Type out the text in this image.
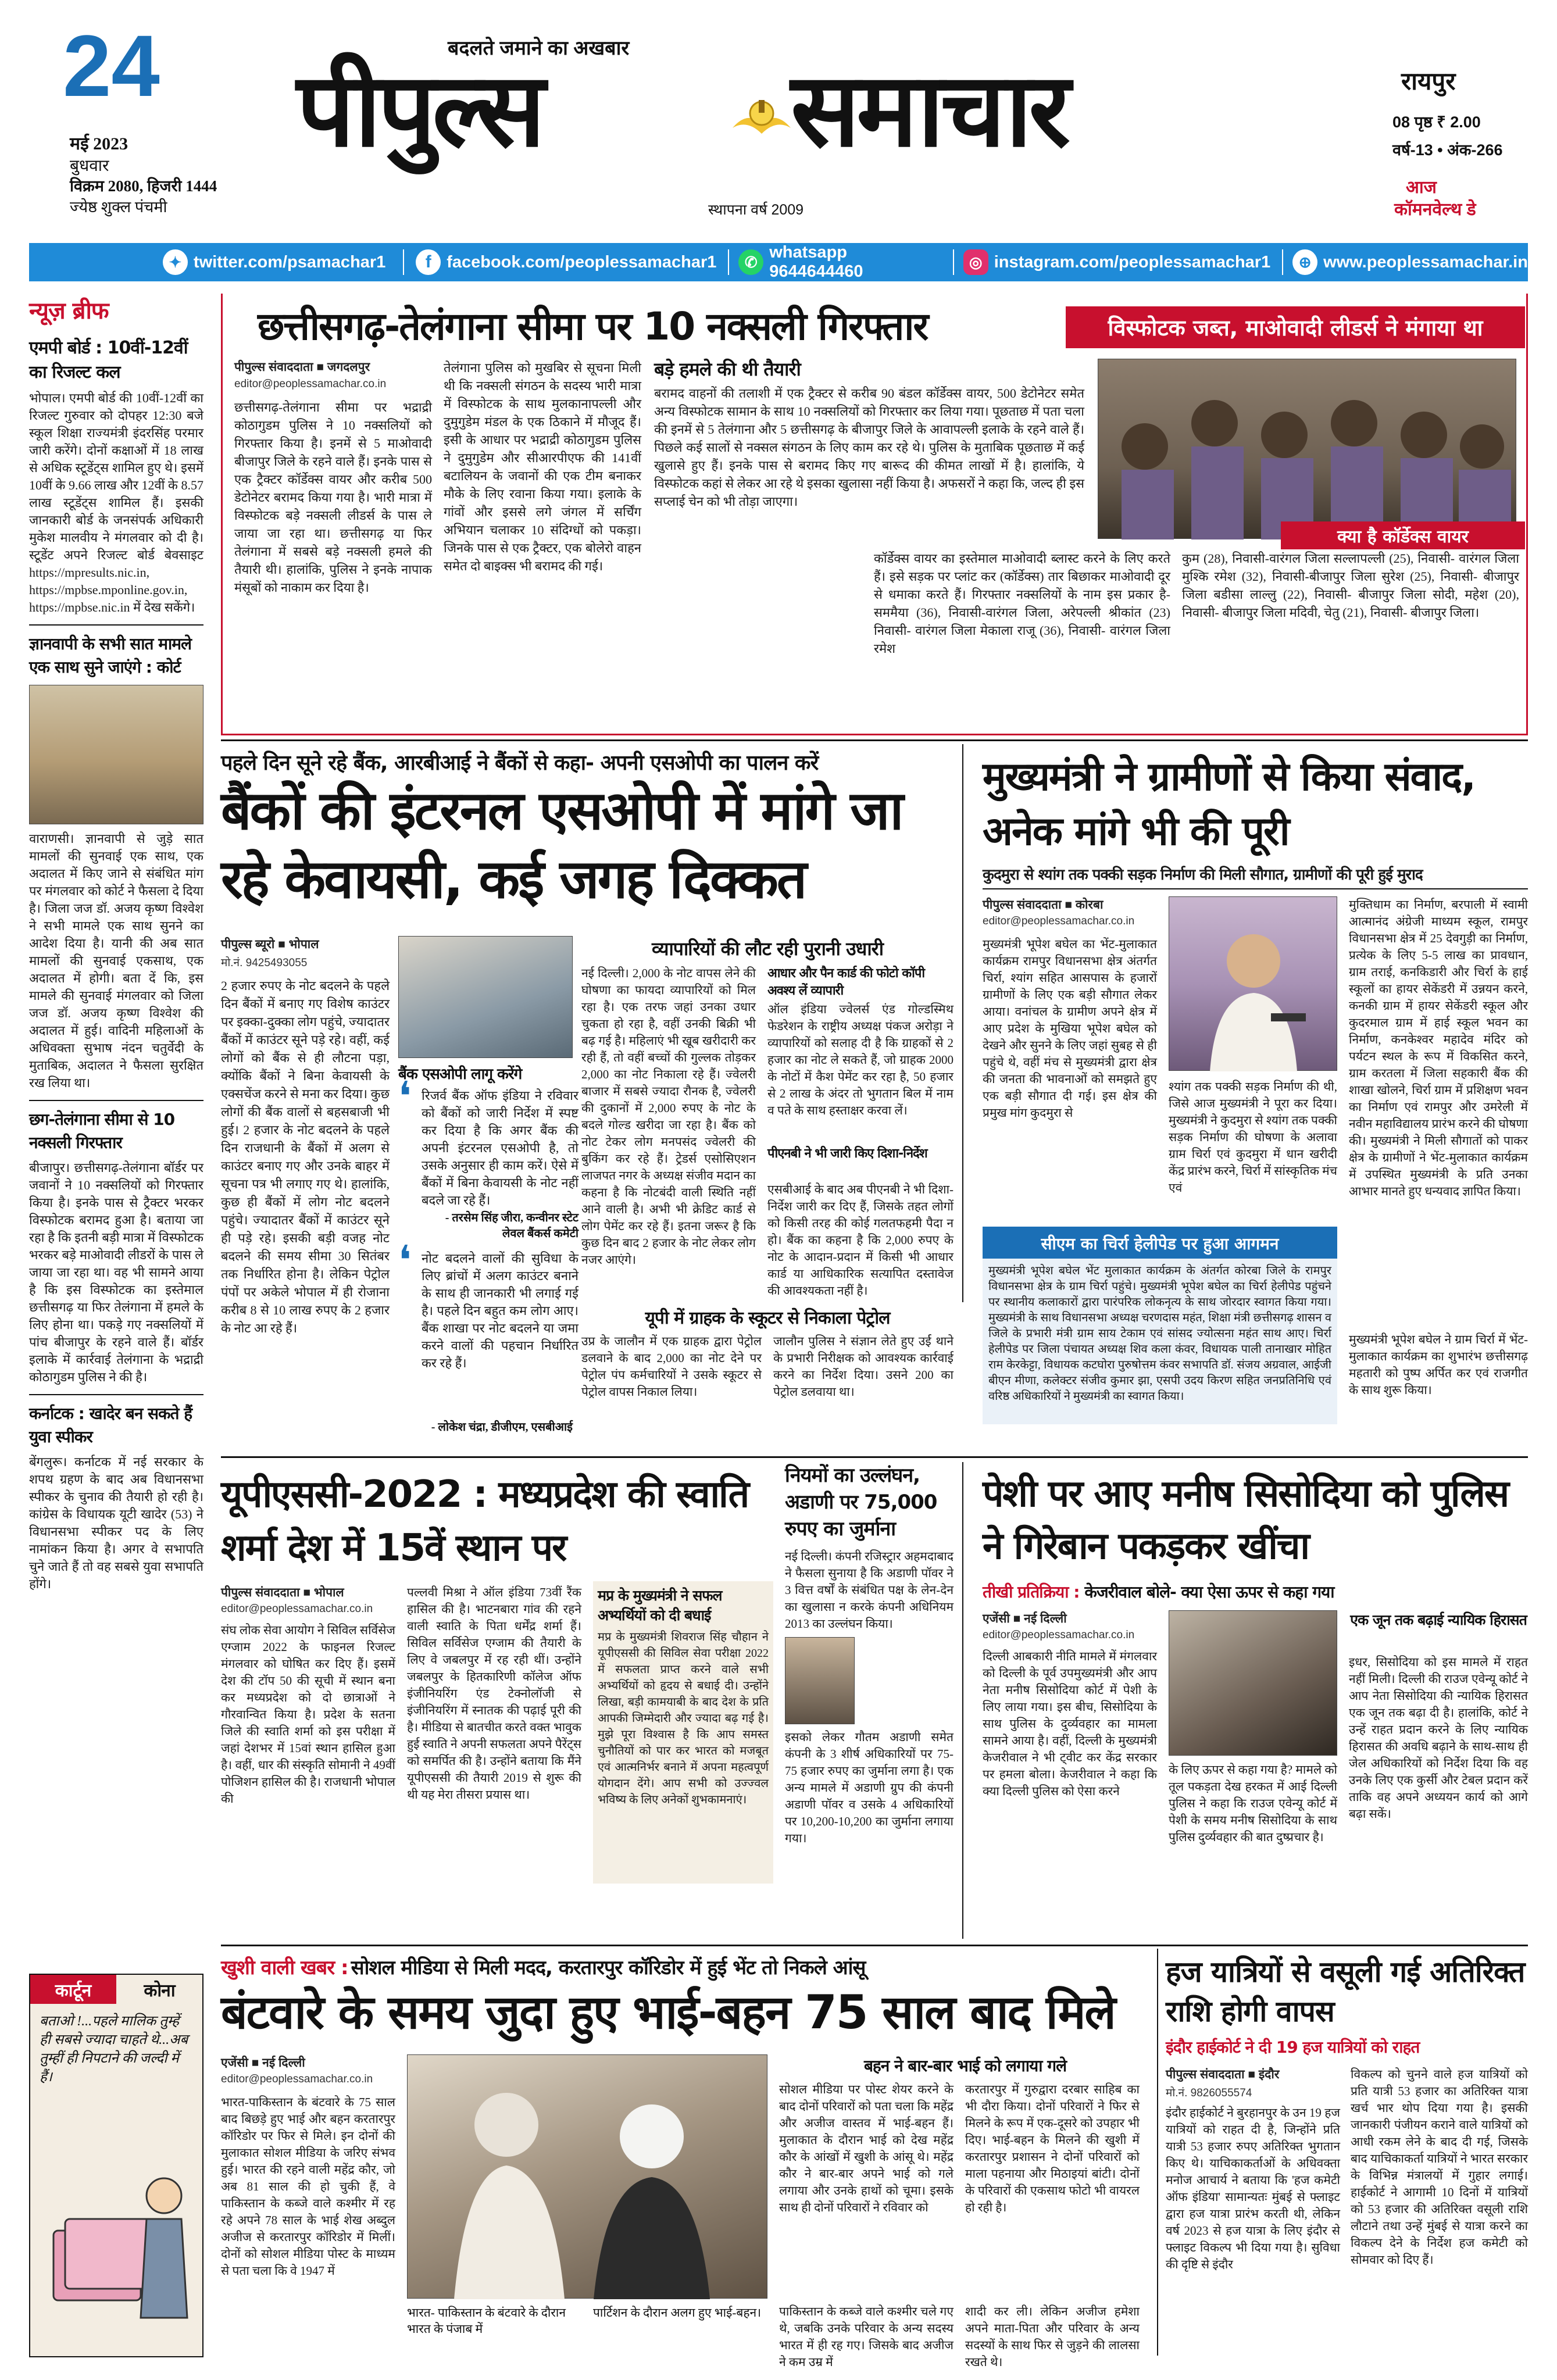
24
मई 2023
बुधवार
विक्रम 2080, हिजरी 1444
ज्येष्ठ शुक्ल पंचमी
बदलते जमाने का अखबार
पीपुल्स समाचार
स्थापना वर्ष 2009
रायपुर
08 पृष्ठ ₹ 2.00
वर्ष-13 • अंक-266
आज
कॉमनवेल्थ डे
✦ twitter.com/psamachar1	f facebook.com/peoplessamachar1	✆
whatsapp 9644644460
◎ instagram.com/peoplessamachar1	⊕ www.peoplessamachar.in
न्यूज़ ब्रीफ
एमपी बोर्ड : 10वीं-12वीं का रिजल्ट कल
भोपाल। एमपी बोर्ड की 10वीं-12वीं का रिजल्ट गुरुवार को दोपहर 12:30 बजे स्कूल शिक्षा राज्यमंत्री इंदरसिंह परमार जारी करेंगे। दोनों कक्षाओं में 18 लाख से अधिक स्टूडेंट्स शामिल हुए थे। इसमें 10वीं के 9.66 लाख और 12वीं के 8.57 लाख स्टूडेंट्स शामिल हैं। इसकी जानकारी बोर्ड के जनसंपर्क अधिकारी मुकेश मालवीय ने मंगलवार को दी है। स्टूडेंट अपने रिजल्ट बोर्ड बेवसाइट https://mpresults.nic.in, https://mpbse.mponline.gov.in, https://mpbse.nic.in में देख सकेंगे।
ज्ञानवापी के सभी सात मामले एक साथ सुने जाएंगे : कोर्ट
वाराणसी। ज्ञानवापी से जुड़े सात मामलों की सुनवाई एक साथ, एक अदालत में किए जाने से संबंधित मांग पर मंगलवार को कोर्ट ने फैसला दे दिया है। जिला जज डॉ. अजय कृष्ण विश्वेश ने सभी मामले एक साथ सुनने का आदेश दिया है। यानी की अब सात मामलों की सुनवाई एकसाथ, एक अदालत में होगी। बता दें कि, इस मामले की सुनवाई मंगलवार को जिला जज डॉ. अजय कृष्ण विश्वेश की अदालत में हुई। वादिनी महिलाओं के अधिवक्ता सुभाष नंदन चतुर्वेदी के मुताबिक, अदालत ने फैसला सुरक्षित रख लिया था।
छग-तेलंगाना सीमा से 10 नक्सली गिरफ्तार
बीजापुर। छत्तीसगढ़-तेलंगाना बॉर्डर पर जवानों ने 10 नक्सलियों को गिरफ्तार किया है। इनके पास से ट्रैक्टर भरकर विस्फोटक बरामद हुआ है। बताया जा रहा है कि इतनी बड़ी मात्रा में विस्फोटक भरकर बड़े माओवादी लीडरों के पास ले जाया जा रहा था। वह भी सामने आया है कि इस विस्फोटक का इस्तेमाल छत्तीसगढ़ या फिर तेलंगाना में हमले के लिए होना था। पकड़े गए नक्सलियों में पांच बीजापुर के रहने वाले हैं। बॉर्डर इलाके में कार्रवाई तेलंगाना के भद्राद्री कोठागुडम पुलिस ने की है।
कर्नाटक : खादेर बन सकते हैं युवा स्पीकर
बेंगलुरू। कर्नाटक में नई सरकार के शपथ ग्रहण के बाद अब विधानसभा स्पीकर के चुनाव की तैयारी हो रही है। कांग्रेस के विधायक यूटी खादेर (53) ने विधानसभा स्पीकर पद के लिए नामांकन किया है। अगर वे सभापति चुने जाते हैं तो वह सबसे युवा सभापति होंगे।
कार्टून	कोना
बताओ !...पहले मालिक तुम्हें ही सबसे ज्यादा चाहते थे...अब तुम्हीं ही निपटाने की जल्दी में हैं।
छत्तीसगढ़-तेलंगाना सीमा पर 10 नक्सली गिरफ्तार	विस्फोटक जब्त, माओवादी लीडर्स ने मंगाया था
पीपुल्स संवाददाता ■ जगदलपुर
editor@peoplessamachar.co.in
छत्तीसगढ़-तेलंगाना सीमा पर भद्राद्री कोठागुडम पुलिस ने 10 नक्सलियों को गिरफ्तार किया है। इनमें से 5 माओवादी बीजापुर जिले के रहने वाले हैं। इनके पास से एक ट्रैक्टर कॉर्डेक्स वायर और करीब 500 डेटोनेटर बरामद किया गया है। भारी मात्रा में विस्फोटक बड़े नक्सली लीडर्स के पास ले जाया जा रहा था। छत्तीसगढ़ या फिर तेलंगाना में सबसे बड़े नक्सली हमले की तैयारी थी। हालांकि, पुलिस ने इनके नापाक मंसूबों को नाकाम कर दिया है।
तेलंगाना पुलिस को मुखबिर से सूचना मिली थी कि नक्सली संगठन के सदस्य भारी मात्रा में विस्फोटक के साथ मुलकानापल्ली और दुमुगुडेम मंडल के एक ठिकाने में मौजूद हैं। इसी के आधार पर भद्राद्री कोठागुडम पुलिस ने दुमुगुडेम और सीआरपीएफ की 141वीं बटालियन के जवानों की एक टीम बनाकर मौके के लिए रवाना किया गया। इलाके के गांवों और इससे लगे जंगल में सर्चिंग अभियान चलाकर 10 संदिग्धों को पकड़ा। जिनके पास से एक ट्रैक्टर, एक बोलेरो वाहन समेत दो बाइक्स भी बरामद की गई।
बड़े हमले की थी तैयारी
बरामद वाहनों की तलाशी में एक ट्रैक्टर से करीब 90 बंडल कॉर्डेक्स वायर, 500 डेटोनेटर समेत अन्य विस्फोटक सामान के साथ 10 नक्सलियों को गिरफ्तार कर लिया गया। पूछताछ में पता चला की इनमें से 5 तेलंगाना और 5 छत्तीसगढ़ के बीजापुर जिले के आवापल्ली इलाके के रहने वाले हैं। पिछले कई सालों से नक्सल संगठन के लिए काम कर रहे थे। पुलिस के मुताबिक पूछताछ में कई खुलासे हुए हैं। इनके पास से बरामद किए गए बारूद की कीमत लाखों में है। हालांकि, ये विस्फोटक कहां से लेकर आ रहे थे इसका खुलासा नहीं किया है। अफसरों ने कहा कि, जल्द ही इस सप्लाई चेन को भी तोड़ा जाएगा।
क्या है कॉर्डेक्स वायर
कॉर्डेक्स वायर का इस्तेमाल माओवादी ब्लास्ट करने के लिए करते हैं। इसे सड़क पर प्लांट कर (कॉर्डेक्स) तार बिछाकर माओवादी दूर से धमाका करते हैं। गिरफ्तार नक्सलियों के नाम इस प्रकार है- सममैया (36), निवासी-वारंगल जिला, अरेपल्ली श्रीकांत (23) निवासी- वारंगल जिला मेकाला राजू (36), निवासी- वारंगल जिला रमेश
कुम (28), निवासी-वारंगल जिला सल्लापल्ली (25), निवासी- वारंगल जिला मुश्कि रमेश (32), निवासी-बीजापुर जिला सुरेश (25), निवासी- बीजापुर जिला बडीसा लाल्लु (22), निवासी- बीजापुर जिला सोदी, महेश (20), निवासी- बीजापुर जिला मदिवी, चेतु (21), निवासी- बीजापुर जिला।
पहले दिन सूने रहे बैंक, आरबीआई ने बैंकों से कहा- अपनी एसओपी का पालन करें
बैंकों की इंटरनल एसओपी में मांगे जा रहे केवायसी, कई जगह दिक्कत
पीपुल्स ब्यूरो ■ भोपाल
मो.नं. 9425493055
2 हजार रुपए के नोट बदलने के पहले दिन बैंकों में बनाए गए विशेष काउंटर पर इक्का-दुक्का लोग पहुंचे, ज्यादातर बैंकों में काउंटर सूने पड़े रहे। वहीं, कई लोगों को बैंक से ही लौटना पड़ा, क्योंकि बैंकों ने बिना केवायसी के एक्सचेंज करने से मना कर दिया। कुछ लोगों की बैंक वालों से बहसबाजी भी हुई। 2 हजार के नोट बदलने के पहले दिन राजधानी के बैंकों में अलग से काउंटर बनाए गए और उनके बाहर में सूचना पत्र भी लगाए गए थे। हालांकि, कुछ ही बैंकों में लोग नोट बदलने पहुंचे। ज्यादातर बैंकों में काउंटर सूने ही पड़े रहे। इसकी बड़ी वजह नोट बदलने की समय सीमा 30 सितंबर तक निर्धारित होना है। लेकिन पेट्रोल पंपों पर अकेले भोपाल में ही रोजाना करीब 8 से 10 लाख रुपए के 2 हजार के नोट आ रहे हैं।
बैंक एसओपी लागू करेंगे
❛ रिजर्व बैंक ऑफ इंडिया ने रविवार को बैंकों को जारी निर्देश में स्पष्ट कर दिया है कि अगर बैंक की अपनी इंटरनल एसओपी है, तो उसके अनुसार ही काम करें। ऐसे में बैंकों में बिना केवायसी के नोट नहीं बदले जा रहे हैं।
- तरसेम सिंह जीरा, कन्वीनर स्टेट लेवल बैंकर्स कमेटी
❛ नोट बदलने वालों की सुविधा के लिए ब्रांचों में अलग काउंटर बनाने के साथ ही जानकारी भी लगाई गई है। पहले दिन बहुत कम लोग आए। बैंक शाखा पर नोट बदलने या जमा करने वालों की पहचान निर्धारित कर रहे हैं।
व्यापारियों की लौट रही पुरानी उधारी
नई दिल्ली। 2,000 के नोट वापस लेने की घोषणा का फायदा व्यापारियों को मिल रहा है। एक तरफ जहां उनका उधार चुकता हो रहा है, वहीं उनकी बिक्री भी बढ़ गई है। महिलाएं भी खूब खरीदारी कर रही हैं, तो वहीं बच्चों की गुल्लक तोड़कर 2,000 का नोट निकाला रहे हैं। ज्वेलरी बाजार में सबसे ज्यादा रौनक है, ज्वेलरी की दुकानों में 2,000 रुपए के नोट के बदले गोल्ड खरीदा जा रहा है। बैंक को नोट टेकर लोग मनपसंद ज्वेलरी की बुकिंग कर रहे हैं। ट्रेडर्स एसोसिएशन लाजपत नगर के अध्यक्ष संजीव मदान का कहना है कि नोटबंदी वाली स्थिति नहीं आने वाली है। अभी भी क्रेडिट कार्ड से लोग पेमेंट कर रहे हैं। इतना जरूर है कि कुछ दिन बाद 2 हजार के नोट लेकर लोग नजर आएंगे।
आधार और पैन कार्ड की फोटो कॉपी अवश्य लें व्यापारी
ऑल इंडिया ज्वेलर्स एंड गोल्डस्मिथ फेडरेशन के राष्ट्रीय अध्यक्ष पंकज अरोड़ा ने व्यापारियों को सलाह दी है कि ग्राहकों से 2 हजार का नोट ले सकते हैं, जो ग्राहक 2000 के नोटों में कैश पेमेंट कर रहा है, 50 हजार से 2 लाख के अंदर तो भुगतान बिल में नाम व पते के साथ हस्ताक्षर करवा लें।
पीएनबी ने भी जारी किए दिशा-निर्देश
एसबीआई के बाद अब पीएनबी ने भी दिशा-निर्देश जारी कर दिए हैं, जिसके तहत लोगों को किसी तरह की कोई गलतफहमी पैदा न हो। बैंक का कहना है कि 2,000 रुपए के नोट के आदान-प्रदान में किसी भी आधार कार्ड या आधिकारिक सत्यापित दस्तावेज की आवश्यकता नहीं है।
यूपी में ग्राहक के स्कूटर से निकाला पेट्रोल
उप्र के जालौन में एक ग्राहक द्वारा पेट्रोल डलवाने के बाद 2,000 का नोट देने पर पेट्रोल पंप कर्मचारियों ने उसके स्कूटर से पेट्रोल वापस निकाल लिया।
जालौन पुलिस ने संज्ञान लेते हुए उर्ई थाने के प्रभारी निरीक्षक को आवश्यक कार्रवाई करने का निर्देश दिया। उसने 200 का पेट्रोल डलवाया था।
- लोकेश चंद्रा, डीजीएम, एसबीआई
मुख्यमंत्री ने ग्रामीणों से किया संवाद, अनेक मांगे भी की पूरी
कुदमुरा से श्यांग तक पक्की सड़क निर्माण की मिली सौगात, ग्रामीणों की पूरी हुई मुराद
पीपुल्स संवाददाता ■ कोरबा
editor@peoplessamachar.co.in
मुख्यमंत्री भूपेश बघेल का भेंट-मुलाकात कार्यक्रम रामपुर विधानसभा क्षेत्र अंतर्गत चिर्रा, श्यांग सहित आसपास के हजारों ग्रामीणों के लिए एक बड़ी सौगात लेकर आया। वनांचल के ग्रामीण अपने क्षेत्र में आए प्रदेश के मुखिया भूपेश बघेल को देखने और सुनने के लिए जहां सुबह से ही पहुंचे थे, वहीं मंच से मुख्यमंत्री द्वारा क्षेत्र की जनता की भावनाओं को समझते हुए एक बड़ी सौगात दी गई। इस क्षेत्र की प्रमुख मांग कुदमुरा से
श्यांग तक पक्की सड़क निर्माण की थी, जिसे आज मुख्यमंत्री ने पूरा कर दिया। मुख्यमंत्री ने कुदमुरा से श्यांग तक पक्की सड़क निर्माण की घोषणा के अलावा ग्राम चिर्रा एवं कुदमुरा में धान खरीदी केंद्र प्रारंभ करने, चिर्रा में सांस्कृतिक मंच एवं
मुक्तिधाम का निर्माण, बरपाली में स्वामी आत्मानंद अंग्रेजी माध्यम स्कूल, रामपुर विधानसभा क्षेत्र में 25 देवगुड़ी का निर्माण, प्रत्येक के लिए 5-5 लाख का प्रावधान, ग्राम तराई, कनकिडारी और चिर्रा के हाई स्कूलों का हायर सेकेंडरी में उन्नयन करने, कनकी ग्राम में हायर सेकेंडरी स्कूल और कुदरमाल ग्राम में हाई स्कूल भवन का निर्माण, कनकेश्वर महादेव मंदिर को पर्यटन स्थल के रूप में विकसित करने, ग्राम करतला में जिला सहकारी बैंक की शाखा खोलने, चिर्रा ग्राम में प्रशिक्षण भवन का निर्माण एवं रामपुर और उमरेली में नवीन महाविद्यालय प्रारंभ करने की घोषणा की। मुख्यमंत्री ने मिली सौगातों को पाकर क्षेत्र के ग्रामीणों ने भेंट-मुलाकात कार्यक्रम में उपस्थित मुख्यमंत्री के प्रति उनका आभार मानते हुए धन्यवाद ज्ञापित किया।
सीएम का चिर्रा हेलीपेड पर हुआ आगमन
मुख्यमंत्री भूपेश बघेल भेंट मुलाकात कार्यक्रम के अंतर्गत कोरबा जिले के रामपुर विधानसभा क्षेत्र के ग्राम चिर्रा पहुंचे। मुख्यमंत्री भूपेश बघेल का चिर्रा हेलीपेड पहुंचने पर स्थानीय कलाकारों द्वारा पारंपरिक लोकनृत्य के साथ जोरदार स्वागत किया गया। मुख्यमंत्री के साथ विधानसभा अध्यक्ष चरणदास महंत, शिक्षा मंत्री छत्तीसगढ़ शासन व जिले के प्रभारी मंत्री ग्राम साय टेकाम एवं सांसद ज्योत्सना महंत साथ आए। चिर्रा हेलीपेड पर जिला पंचायत अध्यक्ष शिव कला कंवर, विधायक पाली तानाखार मोहित राम केरकेट्टा, विधायक कटघोरा पुरुषोत्तम कंवर सभापति डॉ. संजय अग्रवाल, आईजी बीएन मीणा, कलेक्टर संजीव कुमार झा, एसपी उदय किरण सहित जनप्रतिनिधि एवं वरिष्ठ अधिकारियों ने मुख्यमंत्री का स्वागत किया।
मुख्यमंत्री भूपेश बघेल ने ग्राम चिर्रा में भेंट-मुलाकात कार्यक्रम का शुभारंभ छत्तीसगढ़ महतारी को पुष्प अर्पित कर एवं राजगीत के साथ शुरू किया।
यूपीएससी-2022 : मध्यप्रदेश की स्वाति शर्मा देश में 15वें स्थान पर
पीपुल्स संवाददाता ■ भोपाल
editor@peoplessamachar.co.in
संघ लोक सेवा आयोग ने सिविल सर्विसेज एग्जाम 2022 के फाइनल रिजल्ट मंगलवार को घोषित कर दिए हैं। इसमें देश की टॉप 50 की सूची में स्थान बना कर मध्यप्रदेश को दो छात्राओं ने गौरवान्वित किया है। प्रदेश के सतना जिले की स्वाति शर्मा को इस परीक्षा में जहां देशभर में 15वां स्थान हासिल हुआ है। वहीं, धार की संस्कृति सोमानी ने 49वीं पोजिशन हासिल की है। राजधानी भोपाल की
पल्लवी मिश्रा ने ऑल इंडिया 73वीं रैंक हासिल की है। भाटनबारा गांव की रहने वाली स्वाति के पिता धर्मेंद्र शर्मा हैं। सिविल सर्विसेज एग्जाम की तैयारी के लिए वे जबलपुर में रह रही थीं। उन्होंने जबलपुर के हितकारिणी कॉलेज ऑफ इंजीनियरिंग एंड टेक्नोलॉजी से इंजीनियरिंग में स्नातक की पढ़ाई पूरी की है। मीडिया से बातचीत करते वक्त भावुक हुई स्वाति ने अपनी सफलता अपने पैरेंट्स को समर्पित की है। उन्होंने बताया कि मैंने यूपीएससी की तैयारी 2019 से शुरू की थी यह मेरा तीसरा प्रयास था।
मप्र के मुख्यमंत्री ने सफल अभ्यर्थियों को दी बधाई
मप्र के मुख्यमंत्री शिवराज सिंह चौहान ने यूपीएससी की सिविल सेवा परीक्षा 2022 में सफलता प्राप्त करने वाले सभी अभ्यर्थियों को हृदय से बधाई दी। उन्होंने लिखा, बड़ी कामयाबी के बाद देश के प्रति आपकी जिम्मेदारी और ज्यादा बढ़ गई है। मुझे पूरा विश्वास है कि आप समस्त चुनौतियों को पार कर भारत को मजबूत एवं आत्मनिर्भर बनाने में अपना महत्वपूर्ण योगदान देंगे। आप सभी को उज्ज्वल भविष्य के लिए अनेकों शुभकामनाएं।
नियमों का उल्लंघन, अडाणी पर 75,000 रुपए का जुर्माना
नई दिल्ली। कंपनी रजिस्ट्रार अहमदाबाद ने फैसला सुनाया है कि अडाणी पॉवर ने 3 वित्त वर्षों के संबंधित पक्ष के लेन-देन का खुलासा न करके कंपनी अधिनियम 2013 का उल्लंघन किया।
इसको लेकर गौतम अडाणी समेत कंपनी के 3 शीर्ष अधिकारियों पर 75-75 हजार रुपए का जुर्माना लगा है। एक अन्य मामले में अडाणी ग्रुप की कंपनी अडाणी पॉवर व उसके 4 अधिकारियों पर 10,200-10,200 का जुर्माना लगाया गया।
पेशी पर आए मनीष सिसोदिया को पुलिस ने गिरेबान पकड़कर खींचा
तीखी प्रतिक्रिया : केजरीवाल बोले- क्या ऐसा ऊपर से कहा गया
एजेंसी ■ नई दिल्ली
editor@peoplessamachar.co.in
दिल्ली आबकारी नीति मामले में मंगलवार को दिल्ली के पूर्व उपमुख्यमंत्री और आप नेता मनीष सिसोदिया कोर्ट में पेशी के लिए लाया गया। इस बीच, सिसोदिया के साथ पुलिस के दुर्व्यवहार का मामला सामने आया है। वहीं, दिल्ली के मुख्यमंत्री केजरीवाल ने भी ट्वीट कर केंद्र सरकार पर हमला बोला। केजरीवाल ने कहा कि क्या दिल्ली पुलिस को ऐसा करने
के लिए ऊपर से कहा गया है? मामले को तूल पकड़ता देख हरकत में आई दिल्ली पुलिस ने कहा कि राउज एवेन्यू कोर्ट में पेशी के समय मनीष सिसोदिया के साथ पुलिस दुर्व्यवहार की बात दुष्प्रचार है।
एक जून तक बढ़ाई न्यायिक हिरासत
इधर, सिसोदिया को इस मामले में राहत नहीं मिली। दिल्ली की राउज एवेन्यू कोर्ट ने आप नेता सिसोदिया की न्यायिक हिरासत एक जून तक बढ़ा दी है। हालांकि, कोर्ट ने उन्हें राहत प्रदान करने के लिए न्यायिक हिरासत की अवधि बढ़ाने के साथ-साथ ही जेल अधिकारियों को निर्देश दिया कि वह उनके लिए एक कुर्सी और टेबल प्रदान करें ताकि वह अपने अध्ययन कार्य को आगे बढ़ा सकें।
खुशी वाली खबर : सोशल मीडिया से मिली मदद, करतारपुर कॉरिडोर में हुई भेंट तो निकले आंसू
बंटवारे के समय जुदा हुए भाई-बहन 75 साल बाद मिले
एजेंसी ■ नई दिल्ली
editor@peoplessamachar.co.in
भारत-पाकिस्तान के बंटवारे के 75 साल बाद बिछड़े हुए भाई और बहन करतारपुर कॉरिडोर पर फिर से मिले। इन दोनों की मुलाकात सोशल मीडिया के जरिए संभव हुई। भारत की रहने वाली महेंद्र कौर, जो अब 81 साल की हो चुकी हैं, वे पाकिस्तान के कब्जे वाले कश्मीर में रह रहे अपने 78 साल के भाई शेख अब्दुल अजीज से करतारपुर कॉरिडोर में मिलीं। दोनों को सोशल मीडिया पोस्ट के माध्यम से पता चला कि वे 1947 में
भारत- पाकिस्तान के बंटवारे के दौरान भारत के पंजाब में
पार्टिशन के दौरान अलग हुए भाई-बहन।	पाकिस्तान के कब्जे वाले कश्मीर चले गए थे, जबकि उनके परिवार के अन्य सदस्य भारत में ही रह गए। जिसके बाद अजीज ने कम उम्र में
बहन ने बार-बार भाई को लगाया गले
सोशल मीडिया पर पोस्ट शेयर करने के बाद दोनों परिवारों को पता चला कि महेंद्र और अजीज वास्तव में भाई-बहन हैं। मुलाकात के दौरान भाई को देख महेंद्र कौर के आंखों में खुशी के आंसू थे। महेंद्र कौर ने बार-बार अपने भाई को गले लगाया और उनके हाथों को चूमा। इसके साथ ही दोनों परिवारों ने रविवार को
करतारपुर में गुरुद्वारा दरबार साहिब का भी दौरा किया। दोनों परिवारों ने फिर से मिलने के रूप में एक-दूसरे को उपहार भी दिए। भाई-बहन के मिलने की खुशी में करतारपुर प्रशासन ने दोनों परिवारों को माला पहनाया और मिठाइयां बांटी। दोनों के परिवारों की एकसाथ फोटो भी वायरल हो रही है।
शादी कर ली। लेकिन अजीज हमेशा अपने माता-पिता और परिवार के अन्य सदस्यों के साथ फिर से जुड़ने की लालसा रखते थे।
हज यात्रियों से वसूली गई अतिरिक्त राशि होगी वापस
इंदौर हाईकोर्ट ने दी 19 हज यात्रियों को राहत
पीपुल्स संवाददाता ■ इंदौर
मो.नं. 9826055574
इंदौर हाईकोर्ट ने बुरहानपुर के उन 19 हज यात्रियों को राहत दी है, जिन्होंने प्रति यात्री 53 हजार रुपए अतिरिक्त भुगतान किए थे। याचिकाकर्ताओं के अधिवक्ता मनोज आचार्य ने बताया कि 'हज कमेटी ऑफ इंडिया' सामान्यतः मुंबई से फ्लाइट द्वारा हज यात्रा प्रारंभ करती थी, लेकिन वर्ष 2023 से हज यात्रा के लिए इंदौर से फ्लाइट विकल्प भी दिया गया है। सुविधा की दृष्टि से इंदौर
विकल्प को चुनने वाले हज यात्रियों को प्रति यात्री 53 हजार का अतिरिक्त यात्रा खर्च भार थोप दिया गया है। इसकी जानकारी पंजीयन कराने वाले यात्रियों को आधी रकम लेने के बाद दी गई, जिसके बाद याचिकाकर्ता यात्रियों ने भारत सरकार के विभिन्न मंत्रालयों में गुहार लगाई। हाईकोर्ट ने आगामी 10 दिनों में यात्रियों को 53 हजार की अतिरिक्त वसूली राशि लौटाने तथा उन्हें मुंबई से यात्रा करने का विकल्प देने के निर्देश हज कमेटी को सोमवार को दिए हैं।
